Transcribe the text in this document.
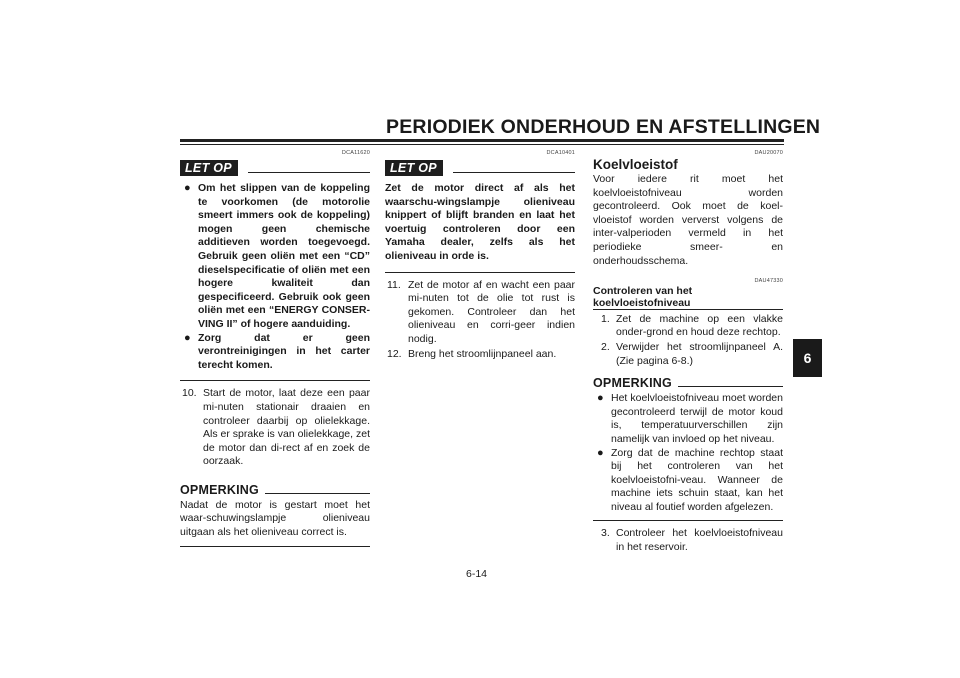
PERIODIEK ONDERHOUD EN AFSTELLINGEN
DCA11620
LET OP
● Om het slippen van de koppeling te voorkomen (de motorolie smeert immers ook de koppeling) mogen geen chemische additieven worden toegevoegd. Gebruik geen oliën met een “CD” dieselspecificatie of oliën met een hogere kwaliteit dan gespecificeerd. Gebruik ook geen oliën met een “ENERGY CONSER-VING II” of hogere aanduiding.
● Zorg dat er geen verontreinigingen in het carter terecht komen.
10. Start de motor, laat deze een paar mi-nuten stationair draaien en controleer daarbij op olielekkage. Als er sprake is van olielekkage, zet de motor dan di-rect af en zoek de oorzaak.
OPMERKING

Nadat de motor is gestart moet het waar-schuwingslampje olieniveau uitgaan als het olieniveau correct is.

DCA10401
LET OP

Zet de motor direct af als het waarschu-wingslampje olieniveau knippert of blijft branden en laat het voertuig controleren door een Yamaha dealer, zelfs als het olieniveau in orde is.

11. Zet de motor af en wacht een paar mi-nuten tot de olie tot rust is gekomen. Controleer dan het olieniveau en corri-geer indien nodig.
12. Breng het stroomlijnpaneel aan.
DAU20070
Koelvloeistof

Voor iedere rit moet het koelvloeistofniveau worden gecontroleerd. Ook moet de koel-vloeistof worden ververst volgens de inter-valperioden vermeld in het periodieke smeer- en onderhoudsschema.

DAU47330
Controleren van het koelvloeistofniveau
1. Zet de machine op een vlakke onder-grond en houd deze rechtop.
2. Verwijder het stroomlijnpaneel A. (Zie pagina 6-8.)
OPMERKING
● Het koelvloeistofniveau moet worden gecontroleerd terwijl de motor koud is, temperatuurverschillen zijn namelijk van invloed op het niveau.
● Zorg dat de machine rechtop staat bij het controleren van het koelvloeistofni-veau. Wanneer de machine iets schuin staat, kan het niveau al foutief worden afgelezen.
3. Controleer het koelvloeistofniveau in het reservoir.
6
6-14
